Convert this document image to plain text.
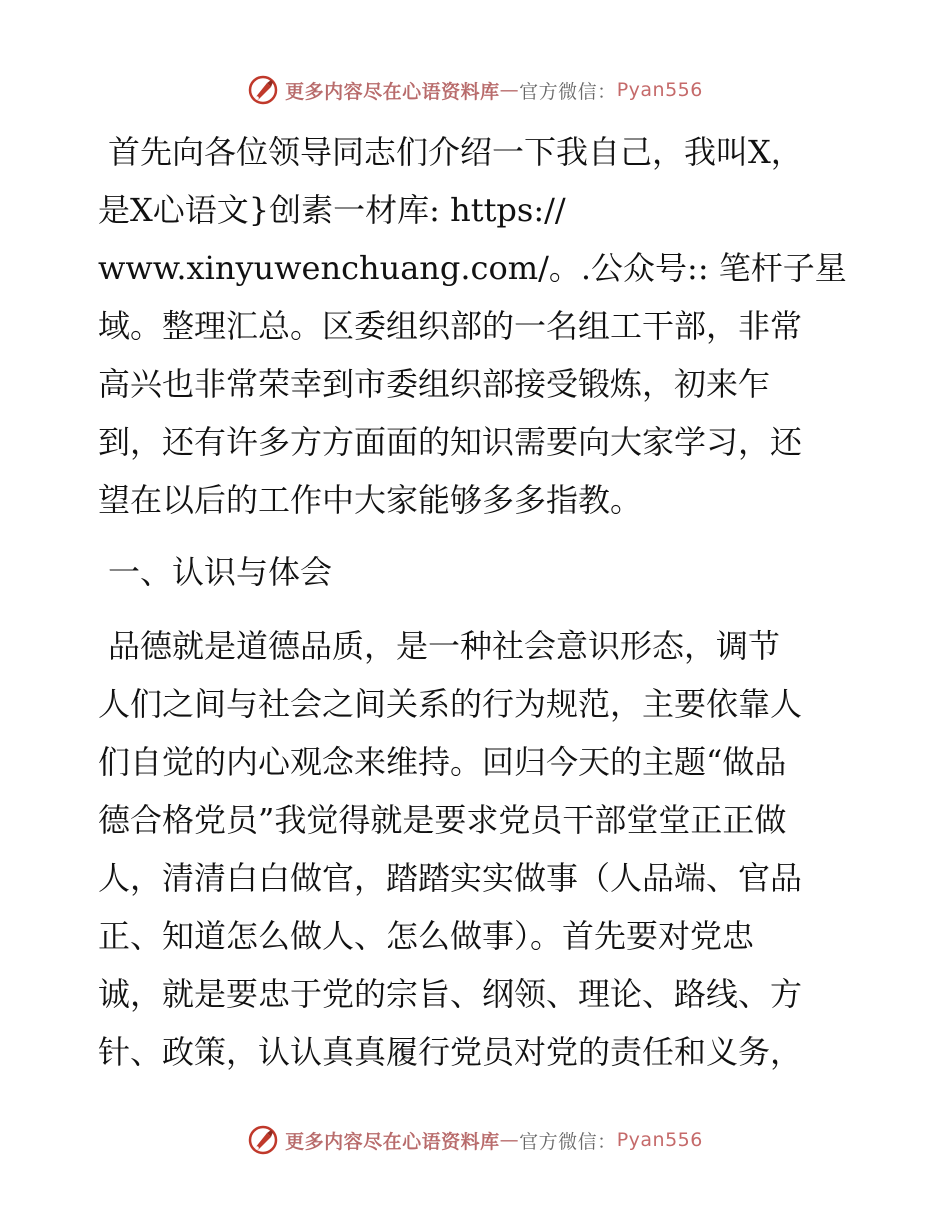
更多内容尽在心语资料库 — 官方微信： Pyan556
首先向各位领导同志们介绍一下我自己，我叫X，
是X心语文}创素一材库: https://
www.xinyuwenchuang.com/。.公众号:: 笔杆子星
域。整理汇总。区委组织部的一名组工干部，非常
高兴也非常荣幸到市委组织部接受锻炼，初来乍
到，还有许多方方面面的知识需要向大家学习，还
望在以后的工作中大家能够多多指教。
一、认识与体会
品德就是道德品质，是一种社会意识形态，调节
人们之间与社会之间关系的行为规范，主要依靠人
们自觉的内心观念来维持。回归今天的主题“做品
德合格党员”我觉得就是要求党员干部堂堂正正做
人，清清白白做官，踏踏实实做事（人品端、官品
正、知道怎么做人、怎么做事）。首先要对党忠
诚，就是要忠于党的宗旨、纲领、理论、路线、方
针、政策，认认真真履行党员对党的责任和义务，
更多内容尽在心语资料库 — 官方微信： Pyan556
